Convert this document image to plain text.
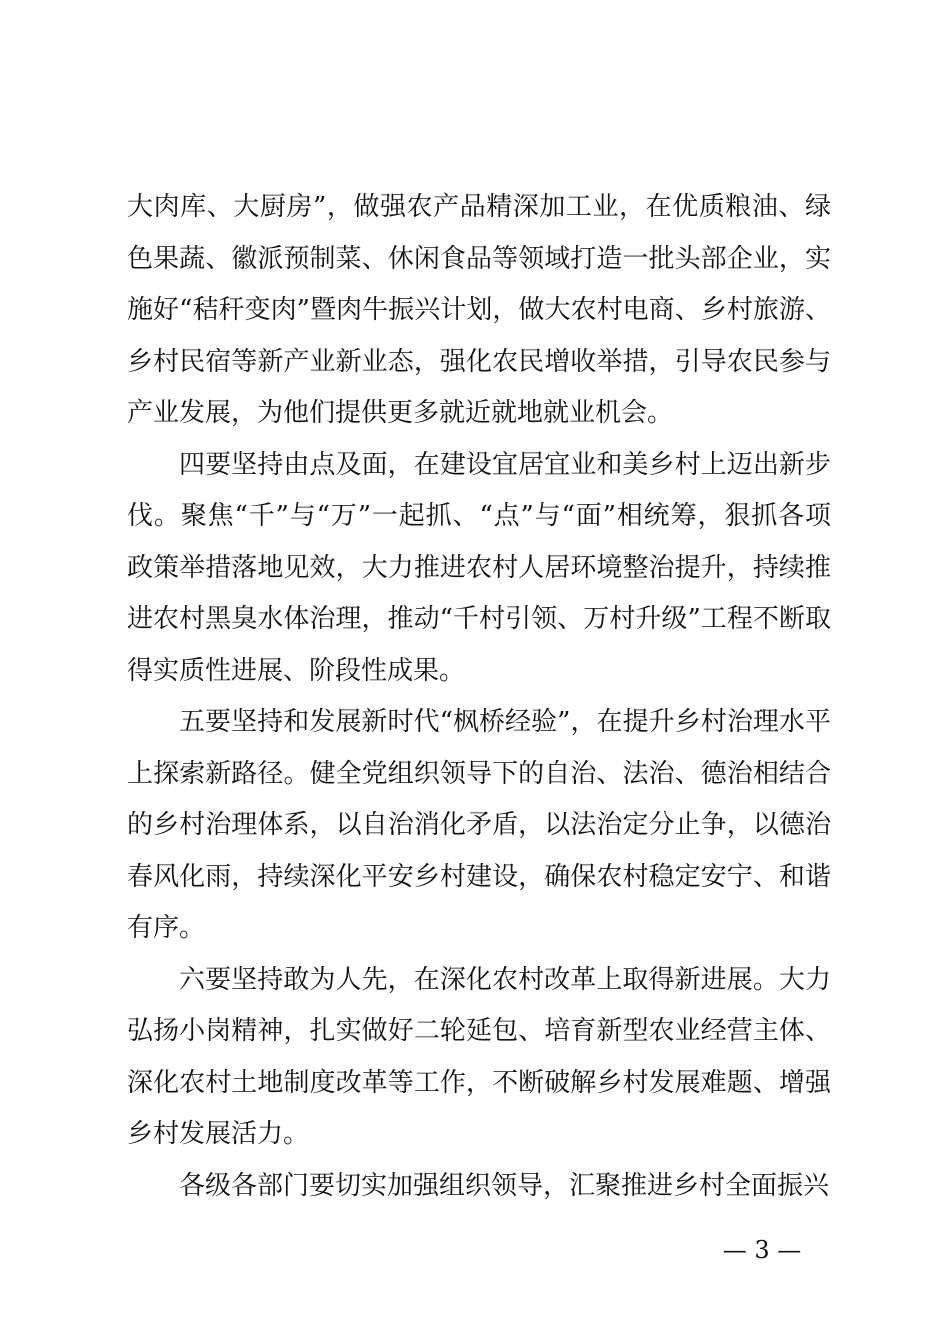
大肉库、大厨房”，做强农产品精深加工业，在优质粮油、绿色果蔬、徽派预制菜、休闲食品等领域打造一批头部企业，实施好“秸秆变肉”暨肉牛振兴计划，做大农村电商、乡村旅游、乡村民宿等新产业新业态，强化农民增收举措，引导农民参与产业发展，为他们提供更多就近就地就业机会。

四要坚持由点及面，在建设宜居宜业和美乡村上迈出新步伐。聚焦“千”与“万”一起抓、“点”与“面”相统筹，狠抓各项政策举措落地见效，大力推进农村人居环境整治提升，持续推进农村黑臭水体治理，推动“千村引领、万村升级”工程不断取得实质性进展、阶段性成果。

五要坚持和发展新时代“枫桥经验”，在提升乡村治理水平上探索新路径。健全党组织领导下的自治、法治、德治相结合的乡村治理体系，以自治消化矛盾，以法治定分止争，以德治春风化雨，持续深化平安乡村建设，确保农村稳定安宁、和谐有序。

六要坚持敢为人先，在深化农村改革上取得新进展。大力弘扬小岗精神，扎实做好二轮延包、培育新型农业经营主体、深化农村土地制度改革等工作，不断破解乡村发展难题、增强乡村发展活力。

各级各部门要切实加强组织领导，汇聚推进乡村全面振兴

— 3 —
